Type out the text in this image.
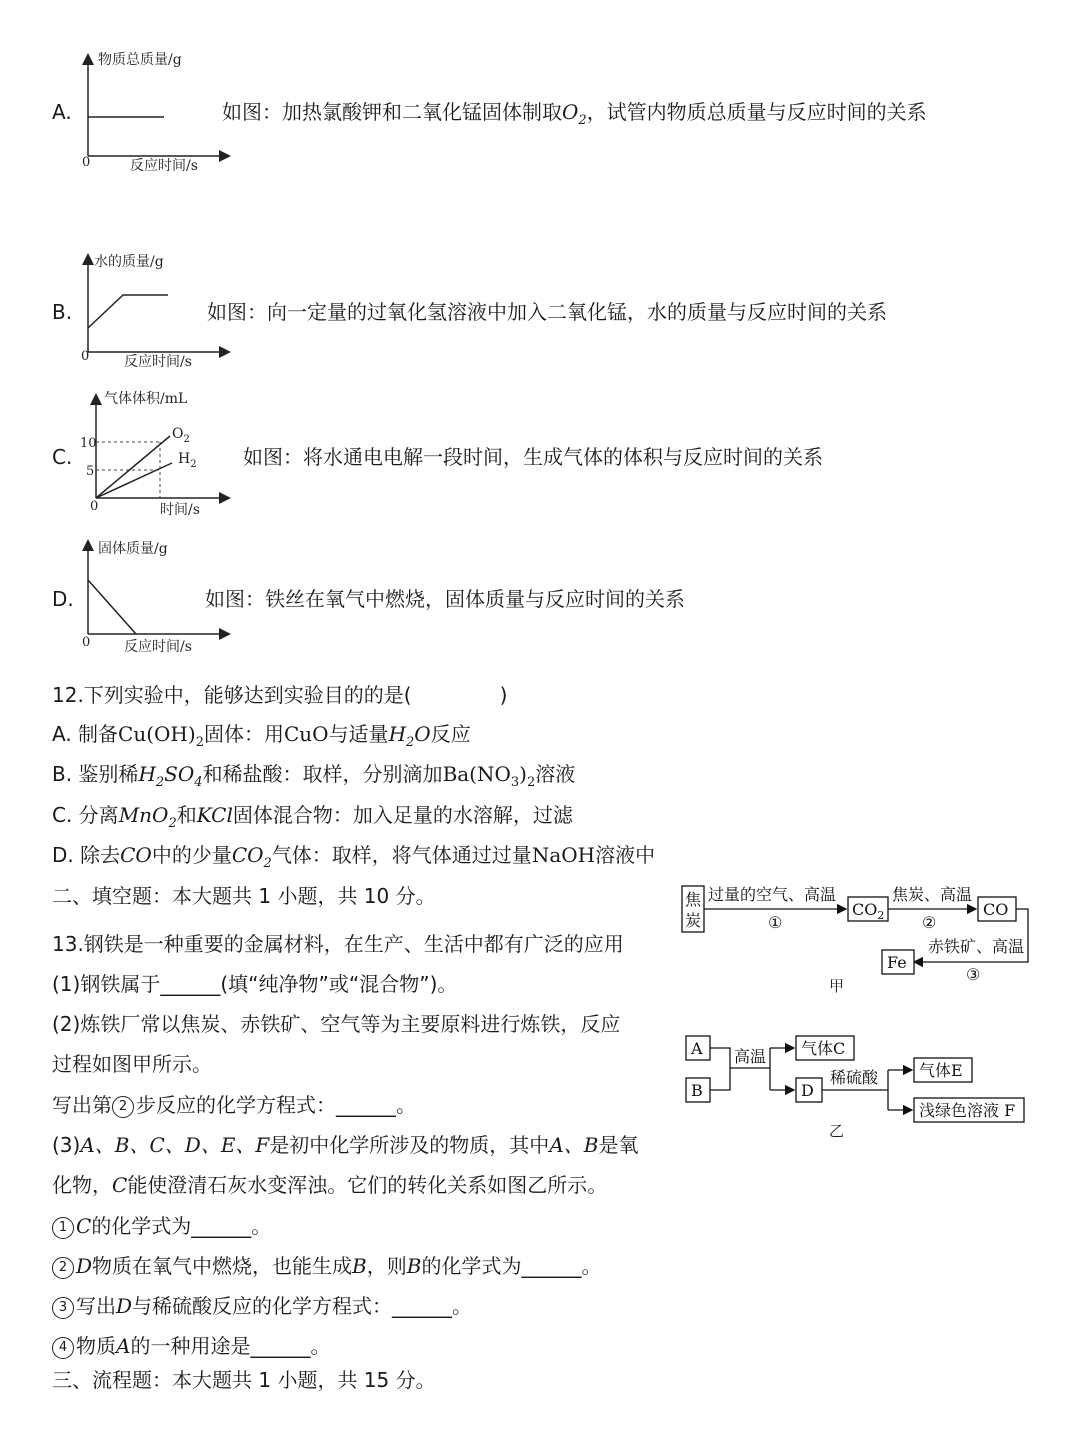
A.
物质总质量/g
反应时间/s
0
如图：加热氯酸钾和二氧化锰固体制取$O_2$，试管内物质总质量与反应时间的关系
B.
水的质量/g
反应时间/s
0
如图：向一定量的过氧化氢溶液中加入二氧化锰，水的质量与反应时间的关系
C.
气体体积/mL
时间/s
0
10
5
$O_2$
$H_2$ 如图：将水通电电解一段时间，生成气体的体积与反应时间的关系
D.
固体质量/g
反应时间/s
0
如图：铁丝在氧气中燃烧，固体质量与反应时间的关系
12.下列实验中，能够达到实验目的的是(	)
A. 制备$Cu(OH)_2$固体：用CuO与适量$H_2O$反应
B. 鉴别稀$H_2SO_4$和稀盐酸：取样，分别滴加$Ba(NO_3)_2$溶液
C. 分离MnO$_2$和KCl固体混合物：加入足量的水溶解，过滤
D. 除去CO中的少量$CO_2$气体：取样，将气体通过过量NaOH溶液中
二、填空题：本大题共 1 小题，共 10 分。
13.钢铁是一种重要的金属材料，在生产、生活中都有广泛的应用
(1)钢铁属于______(填“纯净物”或“混合物”)。
(2)炼铁厂常以焦炭、赤铁矿、空气等为主要原料进行炼铁，反应
过程如图甲所示。
写出第 2 步反应的化学方程式：______。
(3)A、B、C、D、E、F是初中化学所涉及的物质，其中A、B是氧
化物，C能使澄清石灰水变浑浊。它们的转化关系如图乙所示。
1 C的化学式为______。
2 D物质在氧气中燃烧，也能生成B，则B的化学式为______。
3 写出D与稀硫酸反应的化学方程式：______。
4 物质A的一种用途是______。
三、流程题：本大题共 1 小题，共 15 分。
焦
炭
过量的空气、高温
①
$CO_2$
焦炭、高温
②
CO
赤铁矿、高温
③
Fe
甲
A
B
高温 气体C
D
稀硫酸	气体E
浅绿色溶液 F
乙
